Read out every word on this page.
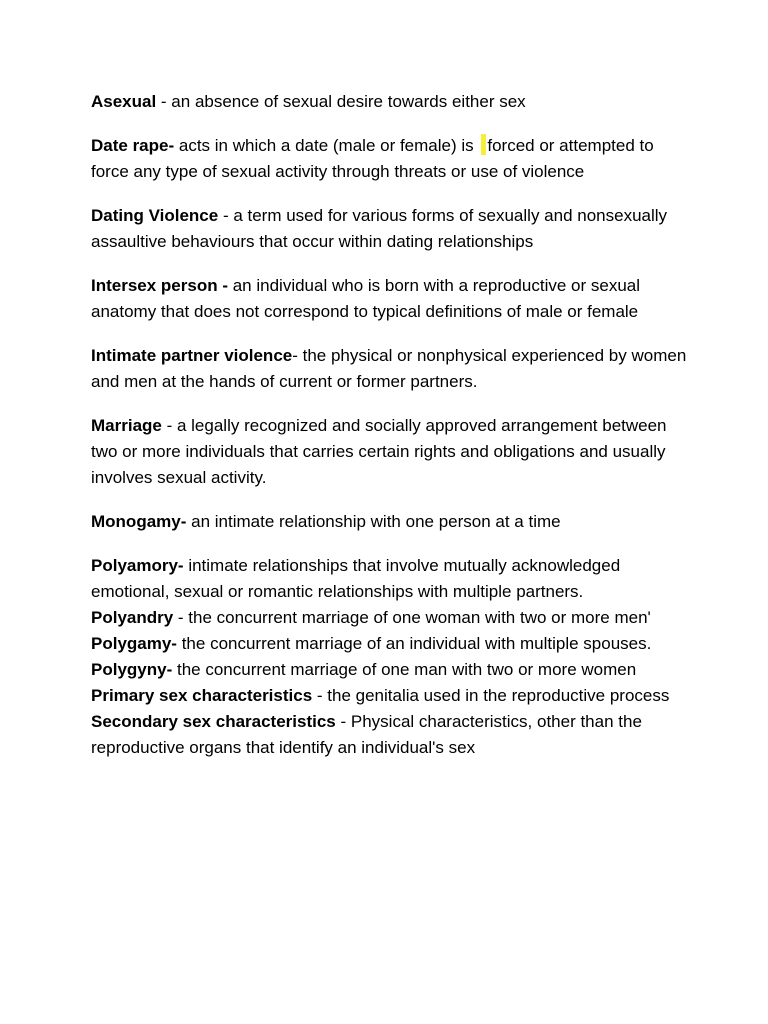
Asexual - an absence of sexual desire towards either sex

Date rape- acts in which a date (male or female) is forced or attempted to force any type of sexual activity through threats or use of violence

Dating Violence - a term used for various forms of sexually and nonsexually assaultive behaviours that occur within dating relationships

Intersex person - an individual who is born with a reproductive or sexual anatomy that does not correspond to typical definitions of male or female

Intimate partner violence- the physical or nonphysical experienced by women and men at the hands of current or former partners.

Marriage - a legally recognized and socially approved arrangement between two or more individuals that carries certain rights and obligations and usually involves sexual activity.

Monogamy- an intimate relationship with one person at a time

Polyamory- intimate relationships that involve mutually acknowledged emotional, sexual or romantic relationships with multiple partners.

Polyandry - the concurrent marriage of one woman with two or more men'

Polygamy- the concurrent marriage of an individual with multiple spouses.

Polygyny- the concurrent marriage of one man with two or more women

Primary sex characteristics - the genitalia used in the reproductive process

Secondary sex characteristics - Physical characteristics, other than the reproductive organs that identify an individual's sex
